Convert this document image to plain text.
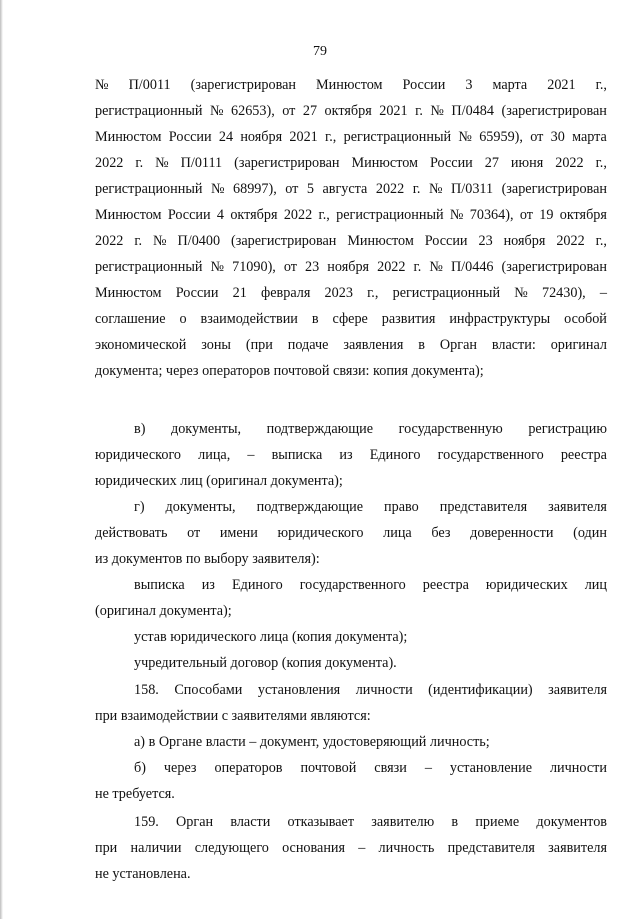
79
№ П/0011 (зарегистрирован Минюстом России 3 марта 2021 г.,
регистрационный № 62653), от 27 октября 2021 г. № П/0484 (зарегистрирован
Минюстом России 24 ноября 2021 г., регистрационный № 65959), от 30 марта
2022 г. № П/0111 (зарегистрирован Минюстом России 27 июня 2022 г.,
регистрационный № 68997), от 5 августа 2022 г. № П/0311 (зарегистрирован
Минюстом России 4 октября 2022 г., регистрационный № 70364), от 19 октября
2022 г. № П/0400 (зарегистрирован Минюстом России 23 ноября 2022 г.,
регистрационный № 71090), от 23 ноября 2022 г. № П/0446 (зарегистрирован
Минюстом России 21 февраля 2023 г., регистрационный № 72430), –
соглашение о взаимодействии в сфере развития инфраструктуры особой
экономической зоны (при подаче заявления в Орган власти: оригинал
документа; через операторов почтовой связи: копия документа);
в) документы, подтверждающие государственную регистрацию
юридического лица, – выписка из Единого государственного реестра
юридических лиц (оригинал документа);
г) документы, подтверждающие право представителя заявителя
действовать от имени юридического лица без доверенности (один
из документов по выбору заявителя):
выписка из Единого государственного реестра юридических лиц
(оригинал документа);
устав юридического лица (копия документа);
учредительный договор (копия документа).
158. Способами установления личности (идентификации) заявителя
при взаимодействии с заявителями являются:
а) в Органе власти – документ, удостоверяющий личность;
б) через операторов почтовой связи – установление личности
не требуется.
159. Орган власти отказывает заявителю в приеме документов
при наличии следующего основания – личность представителя заявителя
не установлена.
